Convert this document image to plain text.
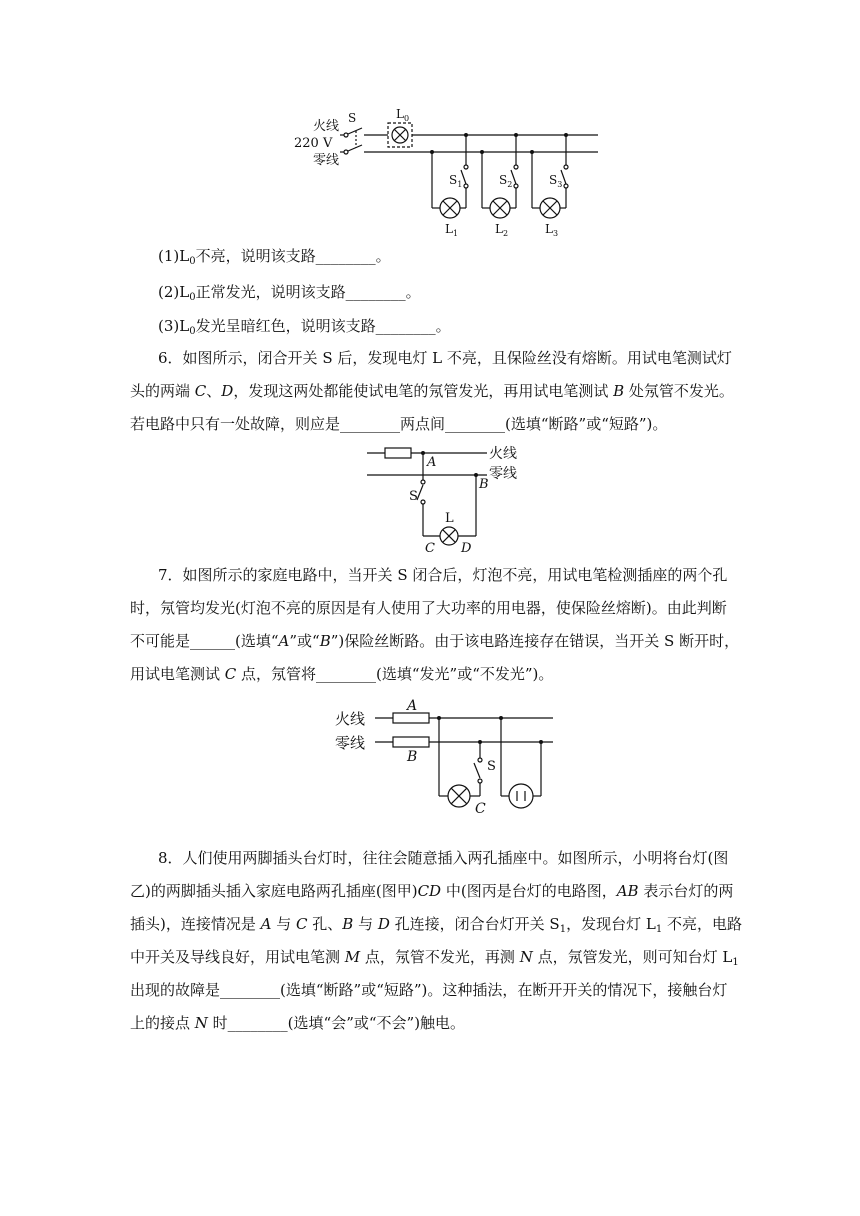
火线
220 V
零线
S	$L_0$
$S_1$
$L_1$
$S_2$
$L_2$
$S_3$
$L_3$
$(1)L_0$不亮，说明该支路________。
$(2)L_0$正常发光，说明该支路________。
$(3)L_0$发光呈暗红色，说明该支路________。
6．如图所示，闭合开关 S 后，发现电灯 L 不亮，且保险丝没有熔断。用试电笔测试灯
头的两端 C、D，发现这两处都能使试电笔的氖管发光，再用试电笔测试 B 处氖管不发光。
若电路中只有一处故障，则应是________两点间________(选填“断路”或“短路”)。
火线
零线
A
B
S
L
C D
7．如图所示的家庭电路中，当开关 S 闭合后，灯泡不亮，用试电笔检测插座的两个孔
时，氖管均发光(灯泡不亮的原因是有人使用了大功率的用电器，使保险丝熔断)。由此判断
不可能是______(选填“A”或“B”)保险丝断路。由于该电路连接存在错误，当开关 S 断开时，
用试电笔测试 C 点，氖管将________(选填“发光”或“不发光”)。
火线
零线
A
B
S
C
8．人们使用两脚插头台灯时，往往会随意插入两孔插座中。如图所示，小明将台灯(图
乙)的两脚插头插入家庭电路两孔插座(图甲)CD 中(图丙是台灯的电路图，AB 表示台灯的两
插头)，连接情况是 A 与 C 孔、B 与 D 孔连接，闭合台灯开关 $S_1$，发现台灯 $L_1$ 不亮，电路
中开关及导线良好，用试电笔测 M 点，氖管不发光，再测 N 点，氖管发光，则可知台灯 $L_1$
出现的故障是________(选填“断路”或“短路”)。这种插法，在断开开关的情况下，接触台灯
上的接点 N 时________(选填“会”或“不会”)触电。
